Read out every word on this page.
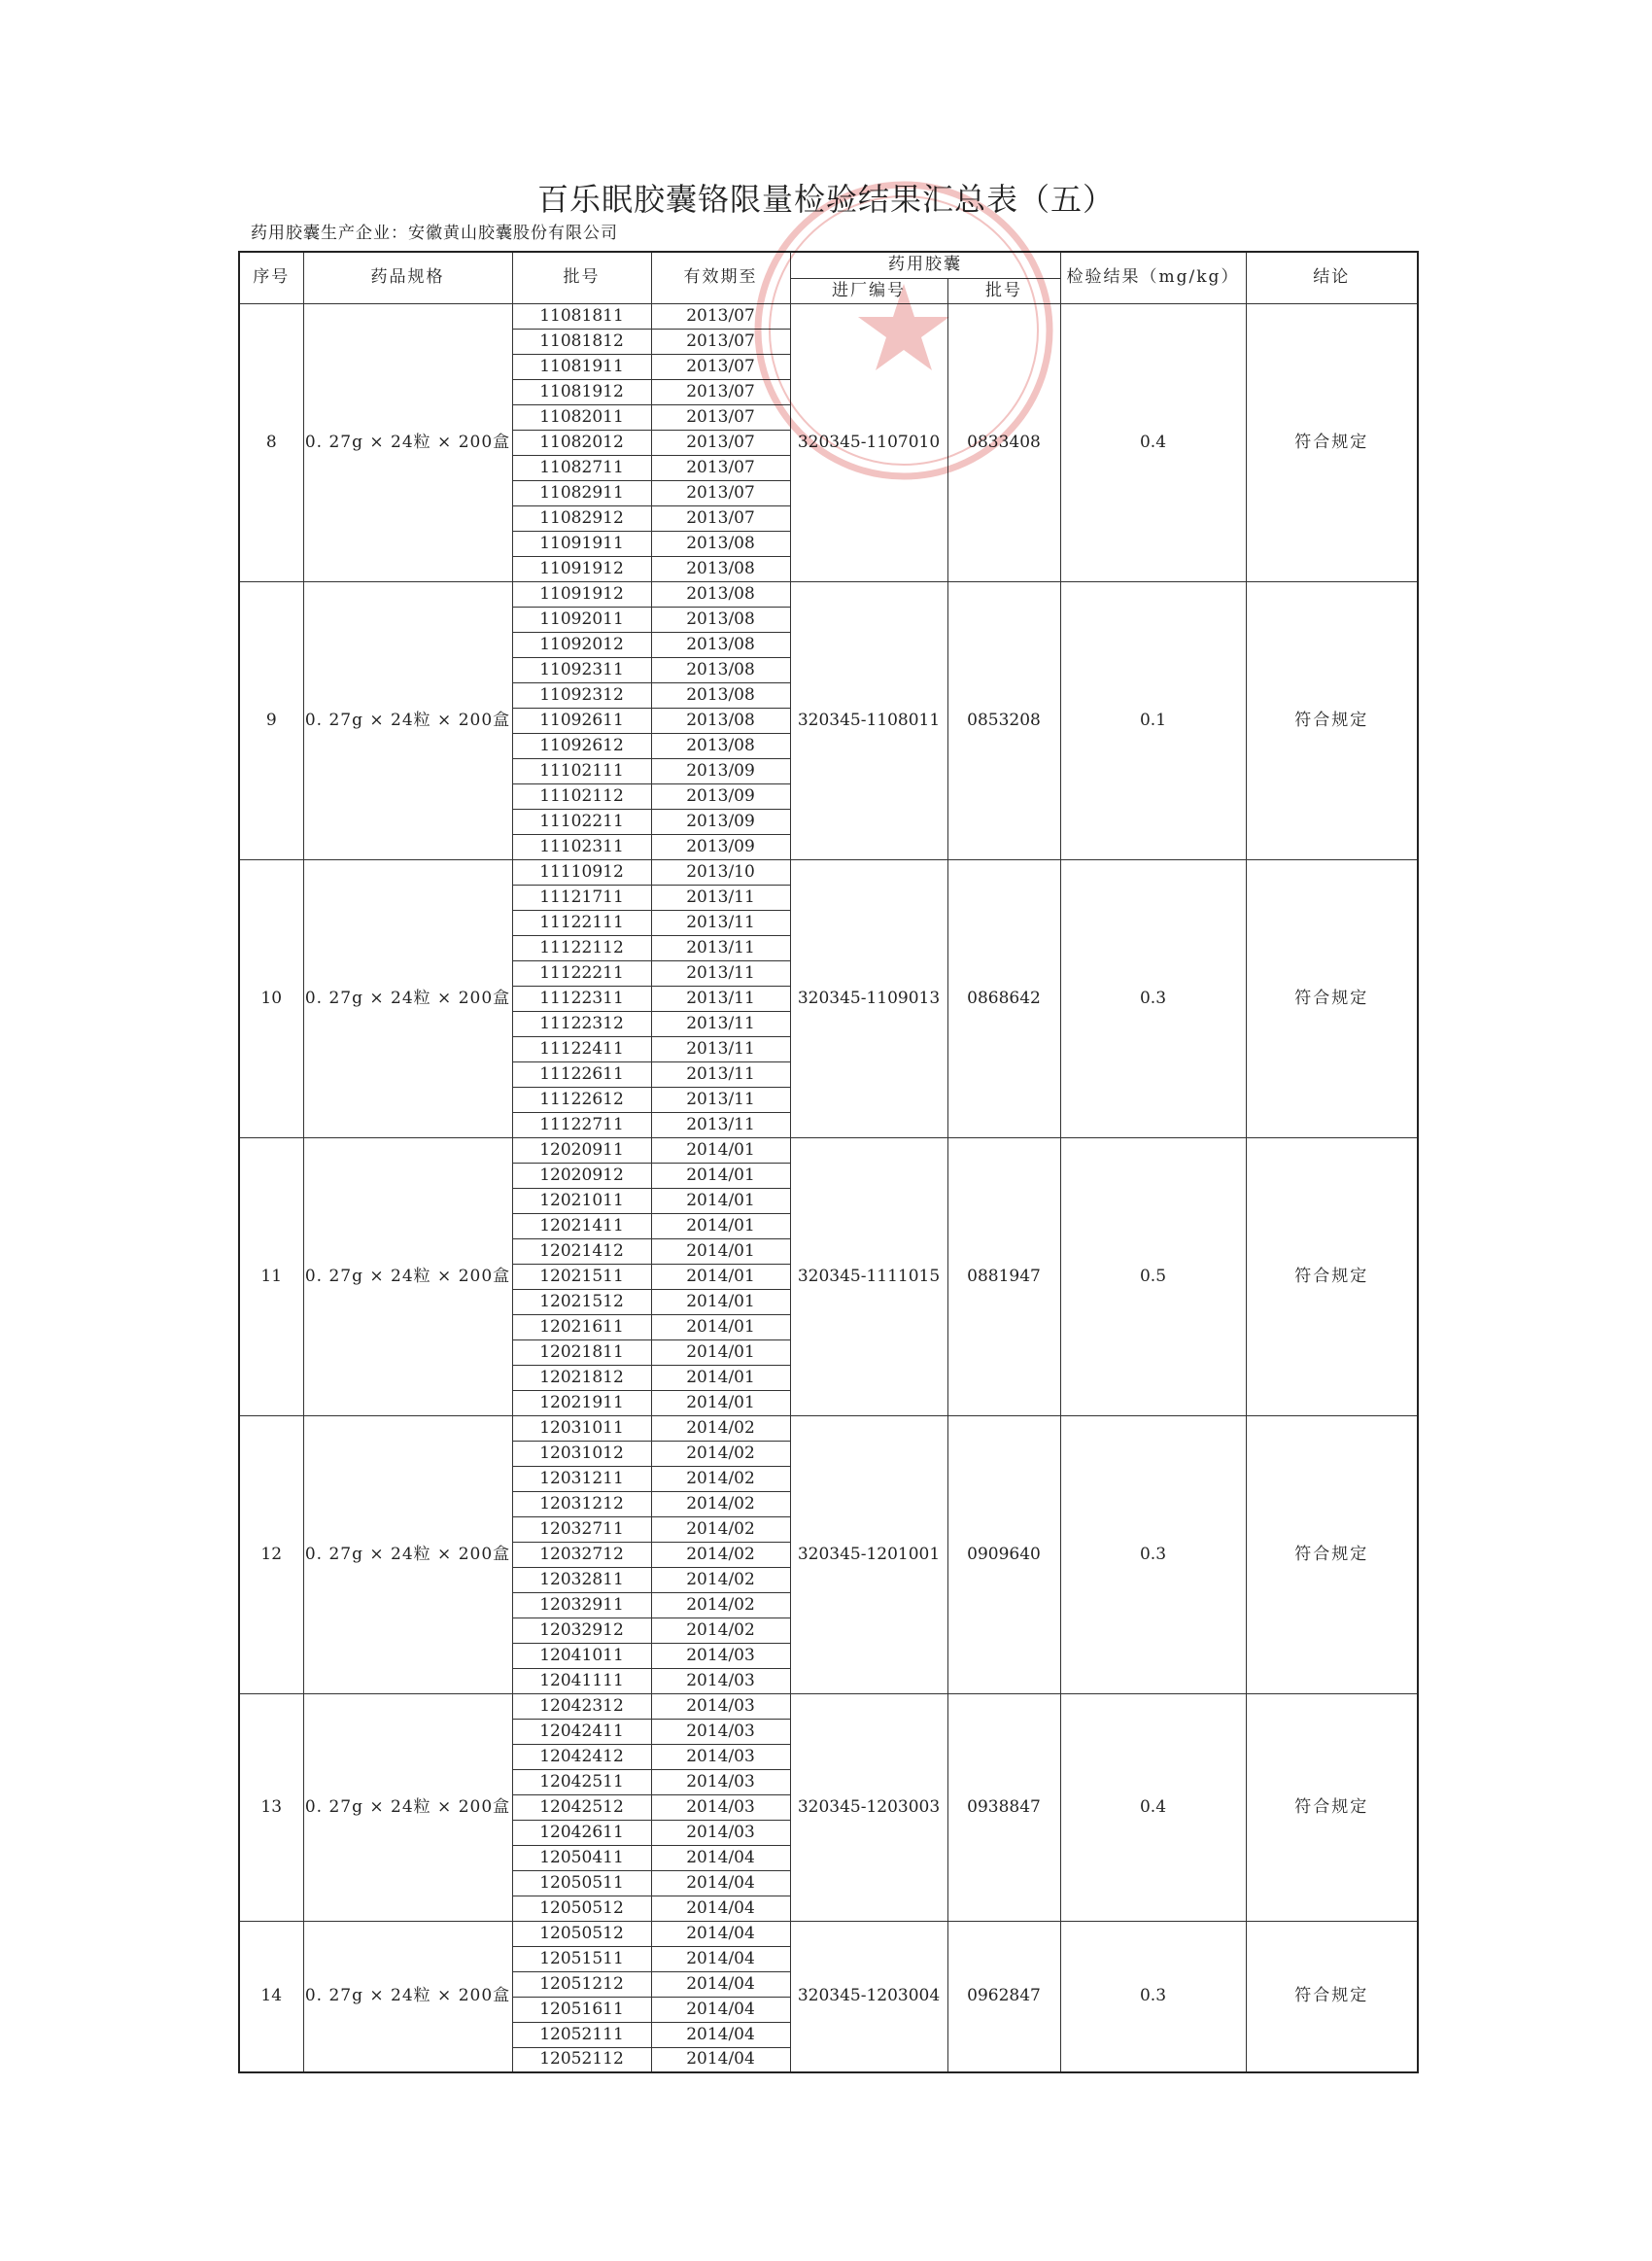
百乐眠胶囊铬限量检验结果汇总表（五）
药用胶囊生产企业：安徽黄山胶囊股份有限公司
序号	药品规格	批号	有效期至	药用胶囊		检验结果（mg/kg）	结论
				进厂编号	批号		
8	0. 27g × 24粒 × 200盒	11081811	2013/07	320345-1107010	0833408	0.4	符合规定
		11081812	2013/07				
		11081911	2013/07				
		11081912	2013/07				
		11082011	2013/07				
		11082012	2013/07				
		11082711	2013/07				
		11082911	2013/07				
		11082912	2013/07				
		11091911	2013/08				
		11091912	2013/08				
9	0. 27g × 24粒 × 200盒	11091912	2013/08	320345-1108011	0853208	0.1	符合规定
		11092011	2013/08				
		11092012	2013/08				
		11092311	2013/08				
		11092312	2013/08				
		11092611	2013/08				
		11092612	2013/08				
		11102111	2013/09				
		11102112	2013/09				
		11102211	2013/09				
		11102311	2013/09				
10	0. 27g × 24粒 × 200盒	11110912	2013/10	320345-1109013	0868642	0.3	符合规定
		11121711	2013/11				
		11122111	2013/11				
		11122112	2013/11				
		11122211	2013/11				
		11122311	2013/11				
		11122312	2013/11				
		11122411	2013/11				
		11122611	2013/11				
		11122612	2013/11				
		11122711	2013/11				
11	0. 27g × 24粒 × 200盒	12020911	2014/01	320345-1111015	0881947	0.5	符合规定
		12020912	2014/01				
		12021011	2014/01				
		12021411	2014/01				
		12021412	2014/01				
		12021511	2014/01				
		12021512	2014/01				
		12021611	2014/01				
		12021811	2014/01				
		12021812	2014/01				
		12021911	2014/01				
12	0. 27g × 24粒 × 200盒	12031011	2014/02	320345-1201001	0909640	0.3	符合规定
		12031012	2014/02				
		12031211	2014/02				
		12031212	2014/02				
		12032711	2014/02				
		12032712	2014/02				
		12032811	2014/02				
		12032911	2014/02				
		12032912	2014/02				
		12041011	2014/03				
		12041111	2014/03				
13	0. 27g × 24粒 × 200盒	12042312	2014/03	320345-1203003	0938847	0.4	符合规定
		12042411	2014/03				
		12042412	2014/03				
		12042511	2014/03				
		12042512	2014/03				
		12042611	2014/03				
		12050411	2014/04				
		12050511	2014/04				
		12050512	2014/04				
14	0. 27g × 24粒 × 200盒	12050512	2014/04	320345-1203004	0962847	0.3	符合规定
		12051511	2014/04				
		12051212	2014/04				
		12051611	2014/04				
		12052111	2014/04				
		12052112	2014/04				
